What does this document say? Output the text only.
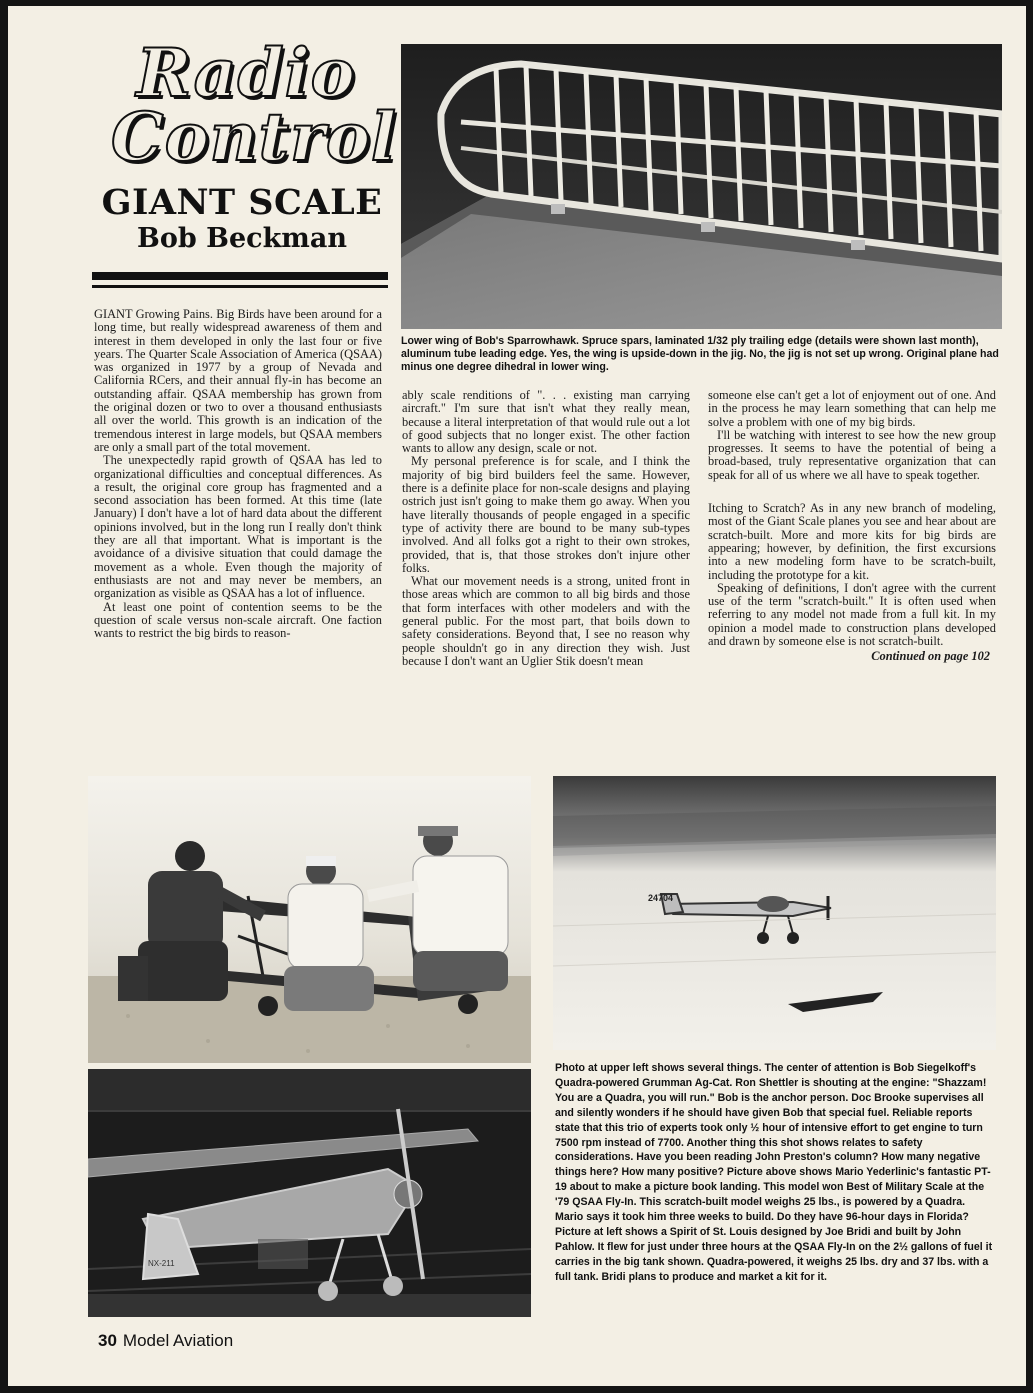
Radio
Control
GIANT SCALE
Bob Beckman
Lower wing of Bob's Sparrowhawk. Spruce spars, laminated 1/32 ply trailing edge (details were shown last month), aluminum tube leading edge. Yes, the wing is upside-down in the jig. No, the jig is not set up wrong. Original plane had minus one degree dihedral in lower wing.

GIANT Growing Pains. Big Birds have been around for a long time, but really widespread awareness of them and interest in them developed in only the last four or five years. The Quarter Scale Association of America (QSAA) was organized in 1977 by a group of Nevada and California RCers, and their annual fly-in has become an outstanding affair. QSAA membership has grown from the original dozen or two to over a thousand enthusiasts all over the world. This growth is an indication of the tremendous interest in large models, but QSAA members are only a small part of the total movement.

The unexpectedly rapid growth of QSAA has led to organizational difficulties and conceptual differences. As a result, the original core group has fragmented and a second association has been formed. At this time (late January) I don't have a lot of hard data about the different opinions involved, but in the long run I really don't think they are all that important. What is important is the avoidance of a divisive situation that could damage the movement as a whole. Even though the majority of enthusiasts are not and may never be members, an organization as visible as QSAA has a lot of influence.

At least one point of contention seems to be the question of scale versus non-scale aircraft. One faction wants to restrict the big birds to reason-

ably scale renditions of ". . . existing man carrying aircraft." I'm sure that isn't what they really mean, because a literal interpretation of that would rule out a lot of good subjects that no longer exist. The other faction wants to allow any design, scale or not.

My personal preference is for scale, and I think the majority of big bird builders feel the same. However, there is a definite place for non-scale designs and playing ostrich just isn't going to make them go away. When you have literally thousands of people engaged in a specific type of activity there are bound to be many sub-types involved. And all folks got a right to their own strokes, provided, that is, that those strokes don't injure other folks.

What our movement needs is a strong, united front in those areas which are common to all big birds and those that form interfaces with other modelers and with the general public. For the most part, that boils down to safety considerations. Beyond that, I see no reason why people shouldn't go in any direction they wish. Just because I don't want an Uglier Stik doesn't mean

someone else can't get a lot of enjoyment out of one. And in the process he may learn something that can help me solve a problem with one of my big birds.

I'll be watching with interest to see how the new group progresses. It seems to have the potential of being a broad-based, truly representative organization that can speak for all of us where we all have to speak together.

Itching to Scratch? As in any new branch of modeling, most of the Giant Scale planes you see and hear about are scratch-built. More and more kits for big birds are appearing; however, by definition, the first excursions into a new modeling form have to be scratch-built, including the prototype for a kit.

Speaking of definitions, I don't agree with the current use of the term "scratch-built." It is often used when referring to any model not made from a full kit. In my opinion a model made to construction plans developed and drawn by someone else is not scratch-built.

Continued on page 102
24704
NX-211
Photo at upper left shows several things. The center of attention is Bob Siegelkoff's Quadra-powered Grumman Ag-Cat. Ron Shettler is shouting at the engine: "Shazzam! You are a Quadra, you will run." Bob is the anchor person. Doc Brooke supervises all and silently wonders if he should have given Bob that special fuel. Reliable reports state that this trio of experts took only ½ hour of intensive effort to get engine to turn 7500 rpm instead of 7700. Another thing this shot shows relates to safety considerations. Have you been reading John Preston's column? How many negative things here? How many positive? Picture above shows Mario Yederlinic's fantastic PT-19 about to make a picture book landing. This model won Best of Military Scale at the '79 QSAA Fly-In. This scratch-built model weighs 25 lbs., is powered by a Quadra. Mario says it took him three weeks to build. Do they have 96-hour days in Florida? Picture at left shows a Spirit of St. Louis designed by Joe Bridi and built by John Pahlow. It flew for just under three hours at the QSAA Fly-In on the 2½ gallons of fuel it carries in the big tank shown. Quadra-powered, it weighs 25 lbs. dry and 37 lbs. with a full tank. Bridi plans to produce and market a kit for it.
30 Model Aviation
